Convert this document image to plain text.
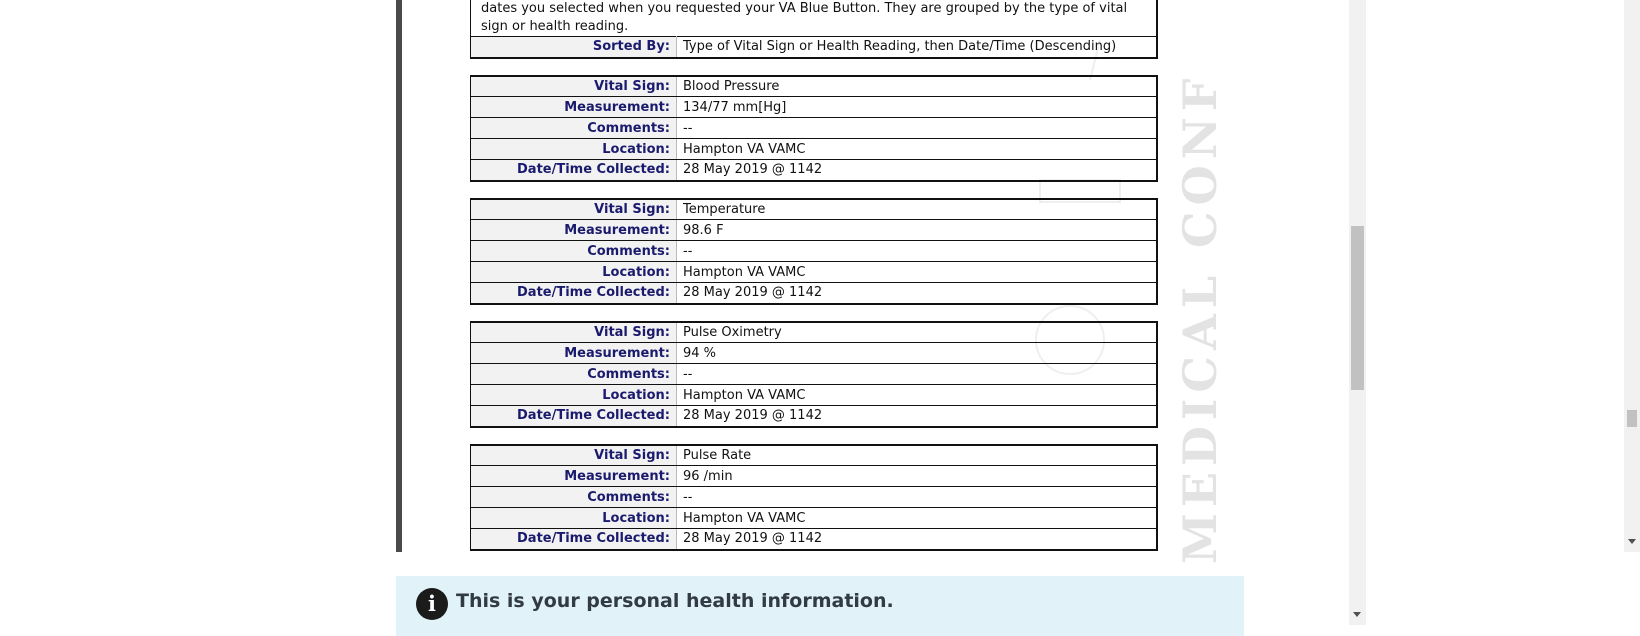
MEDICAL CONF
dates you selected when you requested your VA Blue Button. They are grouped by the type of vital sign or health reading.
Sorted By:	Type of Vital Sign or Health Reading, then Date/Time (Descending)
Vital Sign:	Blood Pressure
Measurement:	134/77 mm[Hg]
Comments:	--
Location:	Hampton VA VAMC
Date/Time Collected:	28 May 2019 @ 1142
Vital Sign:	Temperature
Measurement:	98.6 F
Comments:	--
Location:	Hampton VA VAMC
Date/Time Collected:	28 May 2019 @ 1142
Vital Sign:	Pulse Oximetry
Measurement:	94 %
Comments:	--
Location:	Hampton VA VAMC
Date/Time Collected:	28 May 2019 @ 1142
Vital Sign:	Pulse Rate
Measurement:	96 /min
Comments:	--
Location:	Hampton VA VAMC
Date/Time Collected:	28 May 2019 @ 1142
i	This is your personal health information.
